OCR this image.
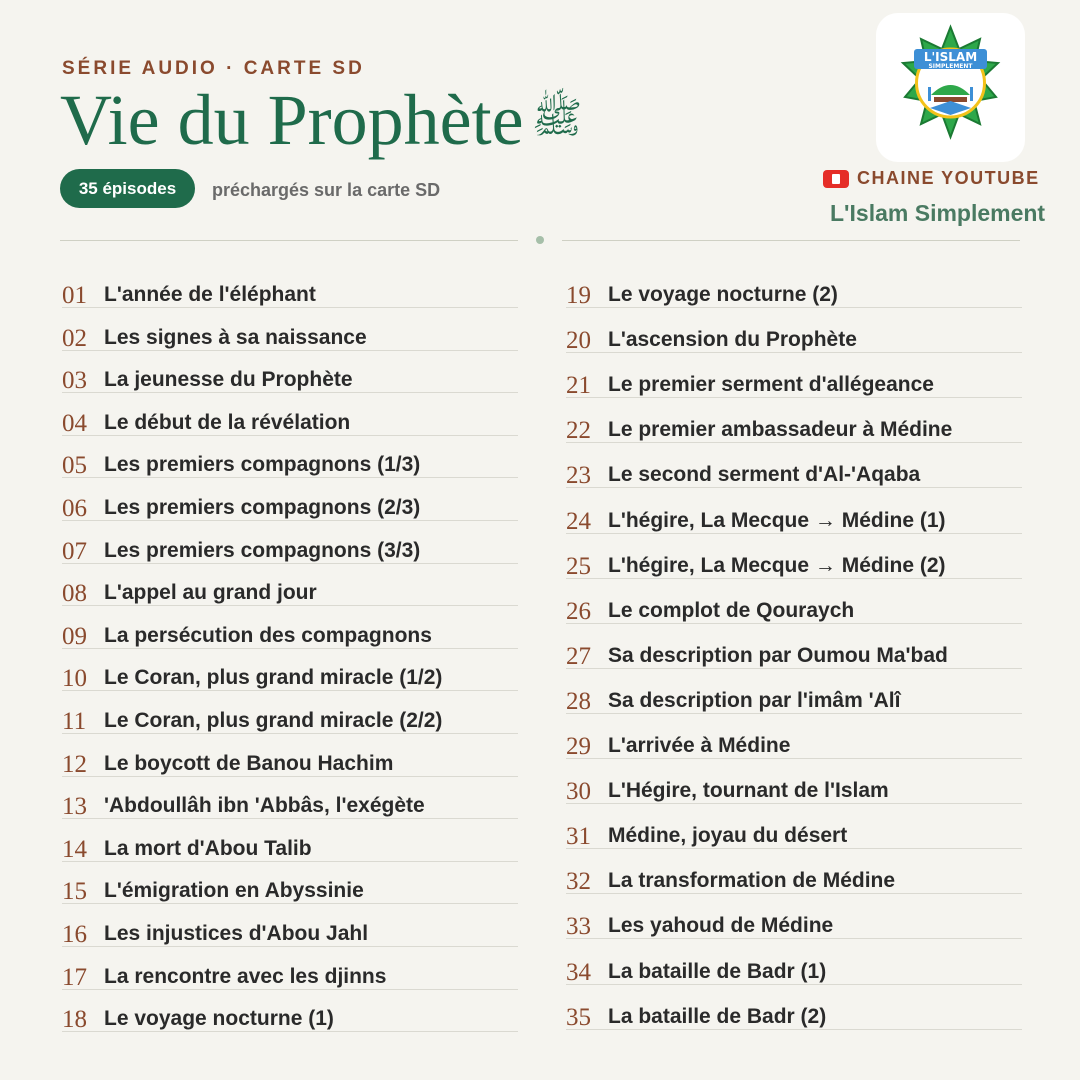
SÉRIE AUDIO · CARTE SD
Vie du Prophète ﷺ
35 épisodes	préchargés sur la carte SD
L'ISLAM
SIMPLEMENT
CHAINE YOUTUBE
L'Islam Simplement
01 L'année de l'éléphant
02 Les signes à sa naissance
03 La jeunesse du Prophète
04 Le début de la révélation
05 Les premiers compagnons (1/3)
06 Les premiers compagnons (2/3)
07 Les premiers compagnons (3/3)
08 L'appel au grand jour
09 La persécution des compagnons
10 Le Coran, plus grand miracle (1/2)
11 Le Coran, plus grand miracle (2/2)
12 Le boycott de Banou Hachim
13 'Abdoullâh ibn 'Abbâs, l'exégète
14 La mort d'Abou Talib
15 L'émigration en Abyssinie
16 Les injustices d'Abou Jahl
17 La rencontre avec les djinns
18 Le voyage nocturne (1)
19 Le voyage nocturne (2)
20 L'ascension du Prophète
21 Le premier serment d'allégeance
22 Le premier ambassadeur à Médine
23 Le second serment d'Al-'Aqaba
24 L'hégire, La Mecque → Médine (1)
25 L'hégire, La Mecque → Médine (2)
26 Le complot de Qouraych
27 Sa description par Oumou Ma'bad
28 Sa description par l'imâm 'Alî
29 L'arrivée à Médine
30 L'Hégire, tournant de l'Islam
31 Médine, joyau du désert
32 La transformation de Médine
33 Les yahoud de Médine
34 La bataille de Badr (1)
35 La bataille de Badr (2)
